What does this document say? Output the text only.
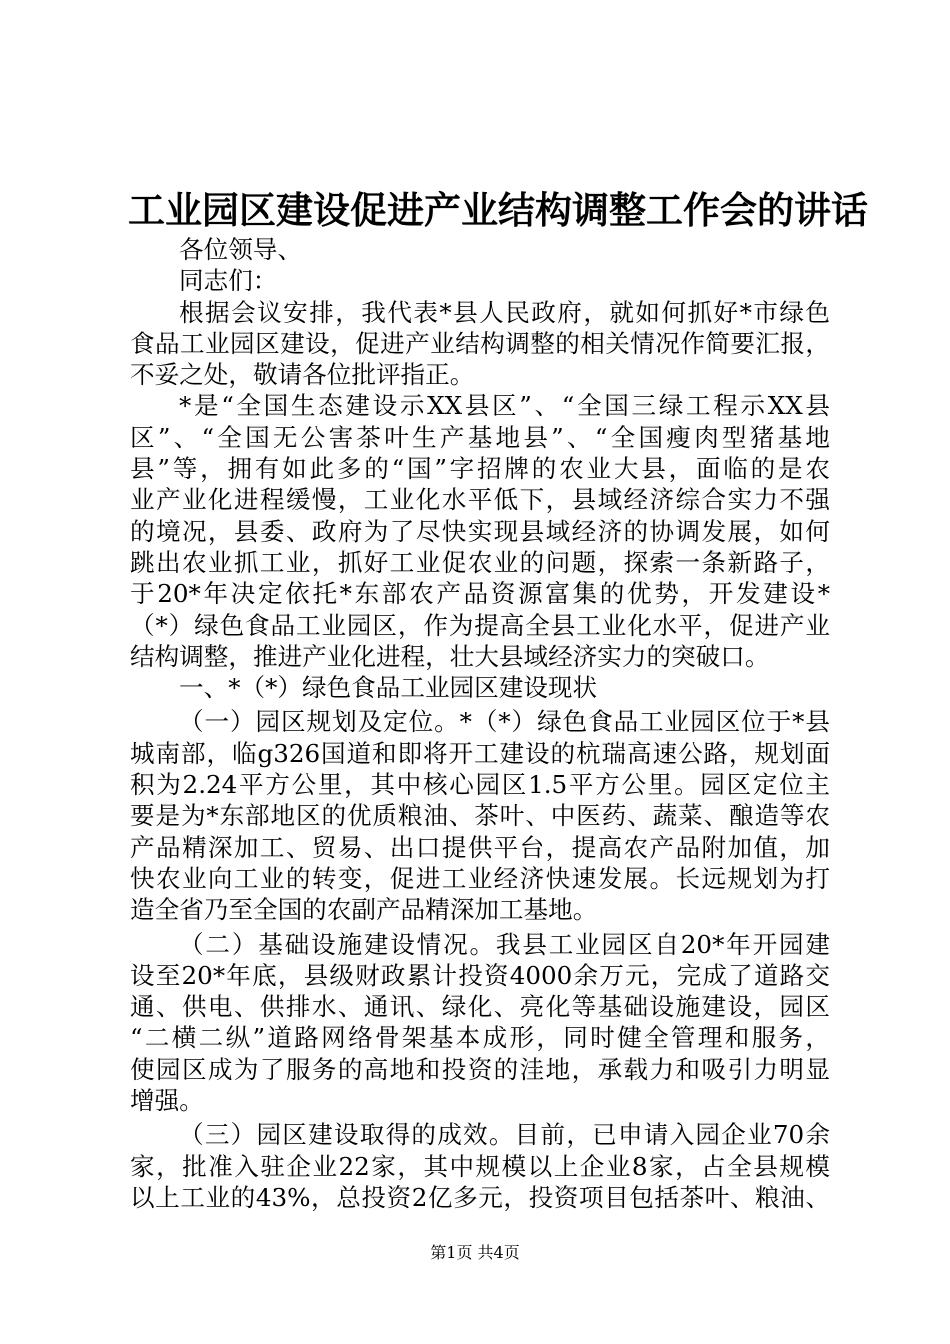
工业园区建设促进产业结构调整工作会的讲话
各位领导、
同志们：
根据会议安排，我代表*县人民政府，就如何抓好*市绿色
食品工业园区建设，促进产业结构调整的相关情况作简要汇报，
不妥之处，敬请各位批评指正。
*是“全国生态建设示XX县区”、“全国三绿工程示XX县
区”、“全国无公害茶叶生产基地县”、“全国瘦肉型猪基地
县”等，拥有如此多的“国”字招牌的农业大县，面临的是农
业产业化进程缓慢，工业化水平低下，县域经济综合实力不强
的境况，县委、政府为了尽快实现县域经济的协调发展，如何
跳出农业抓工业，抓好工业促农业的问题，探索一条新路子，
于20*年决定依托*东部农产品资源富集的优势，开发建设*
（*）绿色食品工业园区，作为提高全县工业化水平，促进产业
结构调整，推进产业化进程，壮大县域经济实力的突破口。
一、*（*）绿色食品工业园区建设现状
（一）园区规划及定位。*（*）绿色食品工业园区位于*县
城南部，临g326国道和即将开工建设的杭瑞高速公路，规划面
积为2.24平方公里，其中核心园区1.5平方公里。园区定位主
要是为*东部地区的优质粮油、茶叶、中医药、蔬菜、酿造等农
产品精深加工、贸易、出口提供平台，提高农产品附加值，加
快农业向工业的转变，促进工业经济快速发展。长远规划为打
造全省乃至全国的农副产品精深加工基地。
（二）基础设施建设情况。我县工业园区自20*年开园建
设至20*年底，县级财政累计投资4000余万元，完成了道路交
通、供电、供排水、通讯、绿化、亮化等基础设施建设，园区
“二横二纵”道路网络骨架基本成形，同时健全管理和服务，
使园区成为了服务的高地和投资的洼地，承载力和吸引力明显
增强。
（三）园区建设取得的成效。目前，已申请入园企业70余
家，批准入驻企业22家，其中规模以上企业8家，占全县规模
以上工业的43%，总投资2亿多元，投资项目包括茶叶、粮油、
第1页 共4页
